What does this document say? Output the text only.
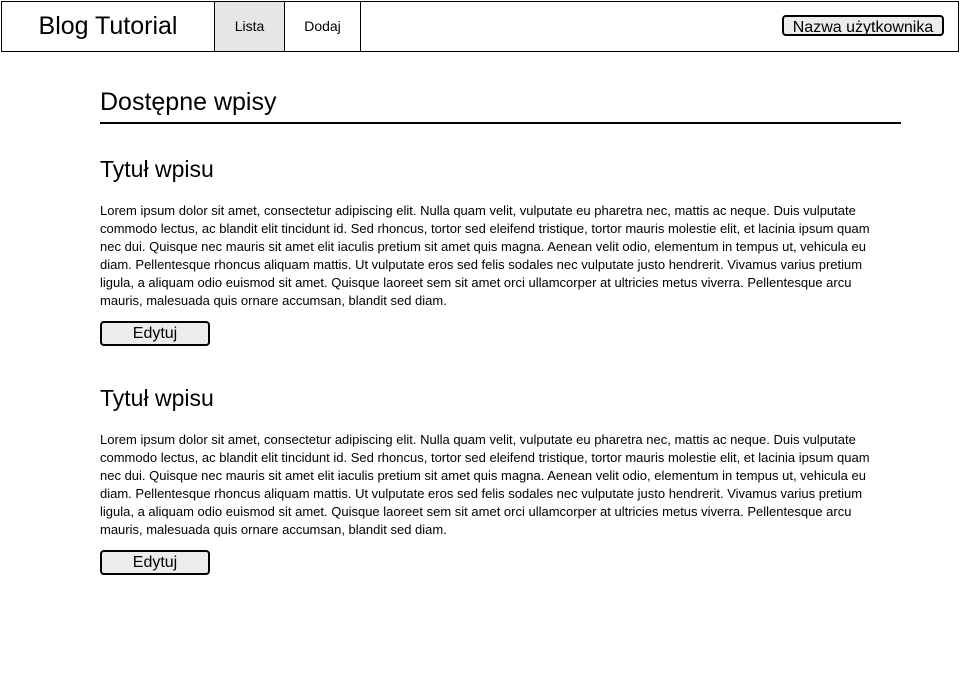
Blog Tutorial	Lista	Dodaj	Nazwa użytkownika
Dostępne wpisy
Tytuł wpisu

Lorem ipsum dolor sit amet, consectetur adipiscing elit. Nulla quam velit, vulputate eu pharetra nec, mattis ac neque. Duis vulputate commodo lectus, ac blandit elit tincidunt id. Sed rhoncus, tortor sed eleifend tristique, tortor mauris molestie elit, et lacinia ipsum quam nec dui. Quisque nec mauris sit amet elit iaculis pretium sit amet quis magna. Aenean velit odio, elementum in tempus ut, vehicula eu diam. Pellentesque rhoncus aliquam mattis. Ut vulputate eros sed felis sodales nec vulputate justo hendrerit. Vivamus varius pretium ligula, a aliquam odio euismod sit amet. Quisque laoreet sem sit amet orci ullamcorper at ultricies metus viverra. Pellentesque arcu mauris, malesuada quis ornare accumsan, blandit sed diam.

Edytuj
Tytuł wpisu

Lorem ipsum dolor sit amet, consectetur adipiscing elit. Nulla quam velit, vulputate eu pharetra nec, mattis ac neque. Duis vulputate commodo lectus, ac blandit elit tincidunt id. Sed rhoncus, tortor sed eleifend tristique, tortor mauris molestie elit, et lacinia ipsum quam nec dui. Quisque nec mauris sit amet elit iaculis pretium sit amet quis magna. Aenean velit odio, elementum in tempus ut, vehicula eu diam. Pellentesque rhoncus aliquam mattis. Ut vulputate eros sed felis sodales nec vulputate justo hendrerit. Vivamus varius pretium ligula, a aliquam odio euismod sit amet. Quisque laoreet sem sit amet orci ullamcorper at ultricies metus viverra. Pellentesque arcu mauris, malesuada quis ornare accumsan, blandit sed diam.

Edytuj
